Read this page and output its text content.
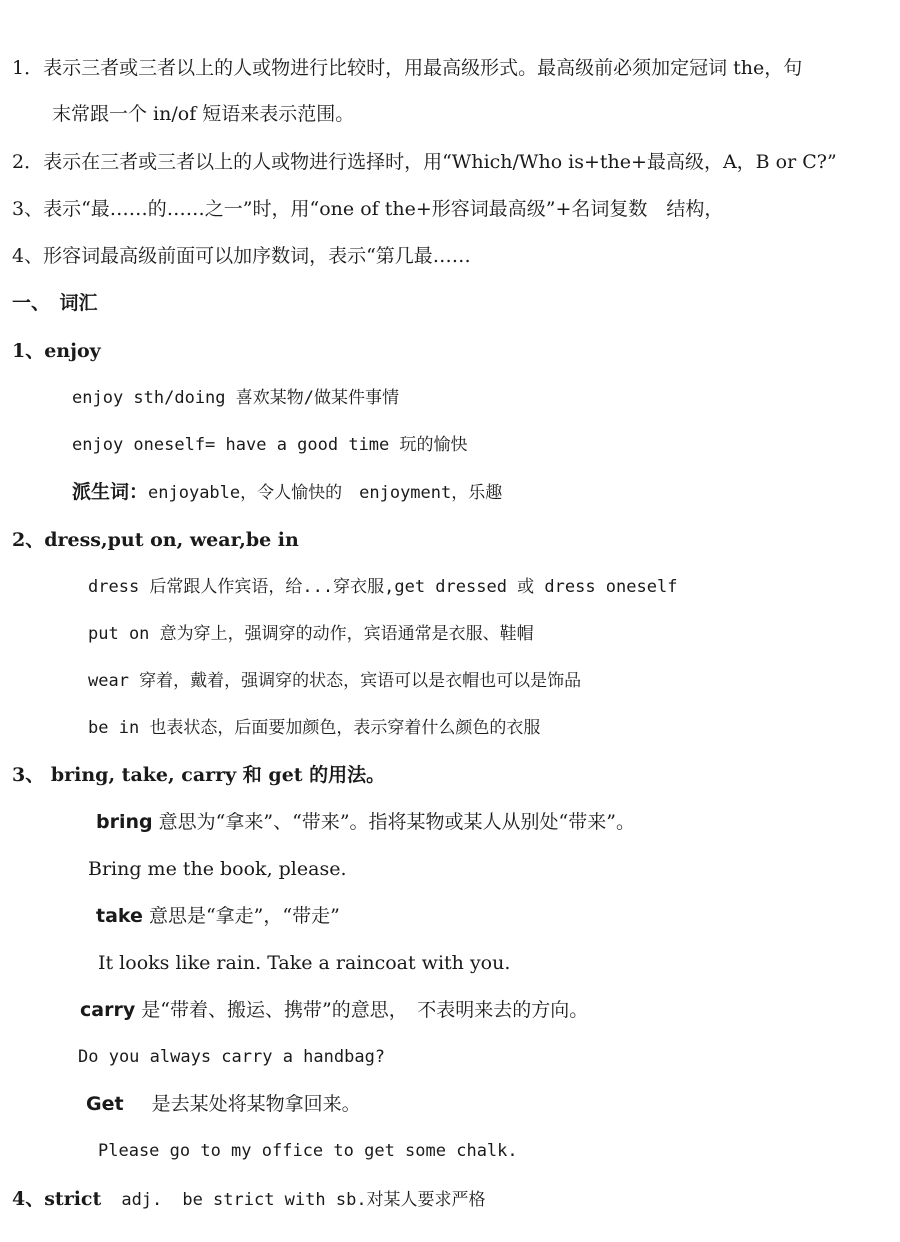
1．表示三者或三者以上的人或物进行比较时，用最高级形式。最高级前必须加定冠词 the，句
末常跟一个 in/of 短语来表示范围。
2．表示在三者或三者以上的人或物进行选择时，用“Which/Who is+the+最高级，A，B or C?”
3、表示“最……的……之一”时，用“one of the+形容词最高级”+名词复数　结构，
4、形容词最高级前面可以加序数词，表示“第几最……
一、　词汇
1、enjoy
enjoy sth/doing 喜欢某物/做某件事情
enjoy oneself= have a good time 玩的愉快
派生词：enjoyable，令人愉快的　enjoyment，乐趣
2、dress,put on, wear,be in
dress 后常跟人作宾语，给...穿衣服,get dressed 或 dress oneself
put on 意为穿上，强调穿的动作，宾语通常是衣服、鞋帽
wear 穿着，戴着，强调穿的状态，宾语可以是衣帽也可以是饰品
be in 也表状态，后面要加颜色，表示穿着什么颜色的衣服
3、 bring, take, carry 和 get 的用法。
bring 意思为“拿来”、“带来”。指将某物或某人从别处“带来”。
Bring me the book, please.
take 意思是“拿走”，“带走”
It looks like rain. Take a raincoat with you.
carry 是“带着、搬运、携带”的意思，　不表明来去的方向。
Do you always carry a handbag?
Get 是去某处将某物拿回来。
Please go to my office to get some chalk.
4、strict adj. be strict with sb.对某人要求严格
